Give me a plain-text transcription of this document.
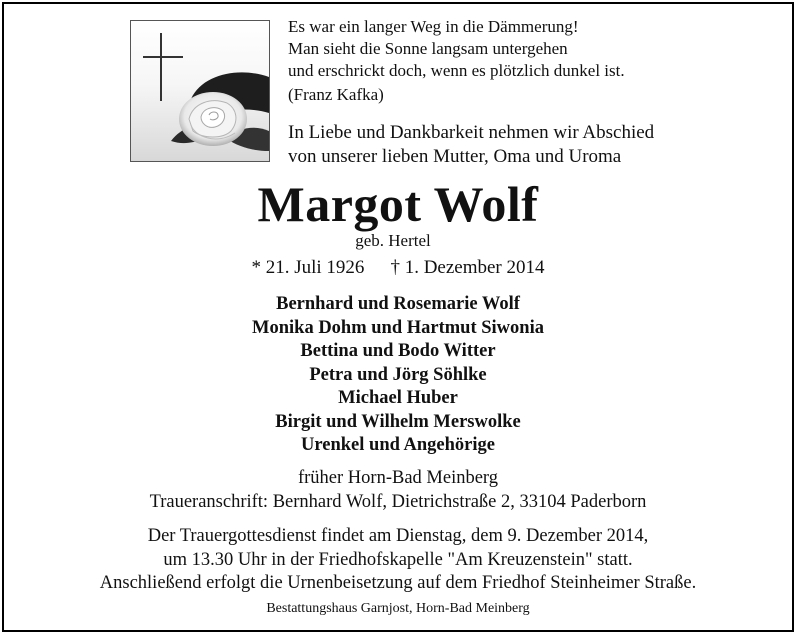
Es war ein langer Weg in die Dämmerung!
Man sieht die Sonne langsam untergehen
und erschrickt doch, wenn es plötzlich dunkel ist.
(Franz Kafka)
In Liebe und Dankbarkeit nehmen wir Abschied
von unserer lieben Mutter, Oma und Uroma
Margot Wolf
geb. Hertel
* 21. Juli 1926 † 1. Dezember 2014
Bernhard und Rosemarie Wolf
Monika Dohm und Hartmut Siwonia
Bettina und Bodo Witter
Petra und Jörg Söhlke
Michael Huber
Birgit und Wilhelm Merswolke
Urenkel und Angehörige
früher Horn-Bad Meinberg
Traueranschrift: Bernhard Wolf, Dietrichstraße 2, 33104 Paderborn
Der Trauergottesdienst findet am Dienstag, dem 9. Dezember 2014,
um 13.30 Uhr in der Friedhofskapelle "Am Kreuzenstein" statt.
Anschließend erfolgt die Urnenbeisetzung auf dem Friedhof Steinheimer Straße.
Bestattungshaus Garnjost, Horn-Bad Meinberg
